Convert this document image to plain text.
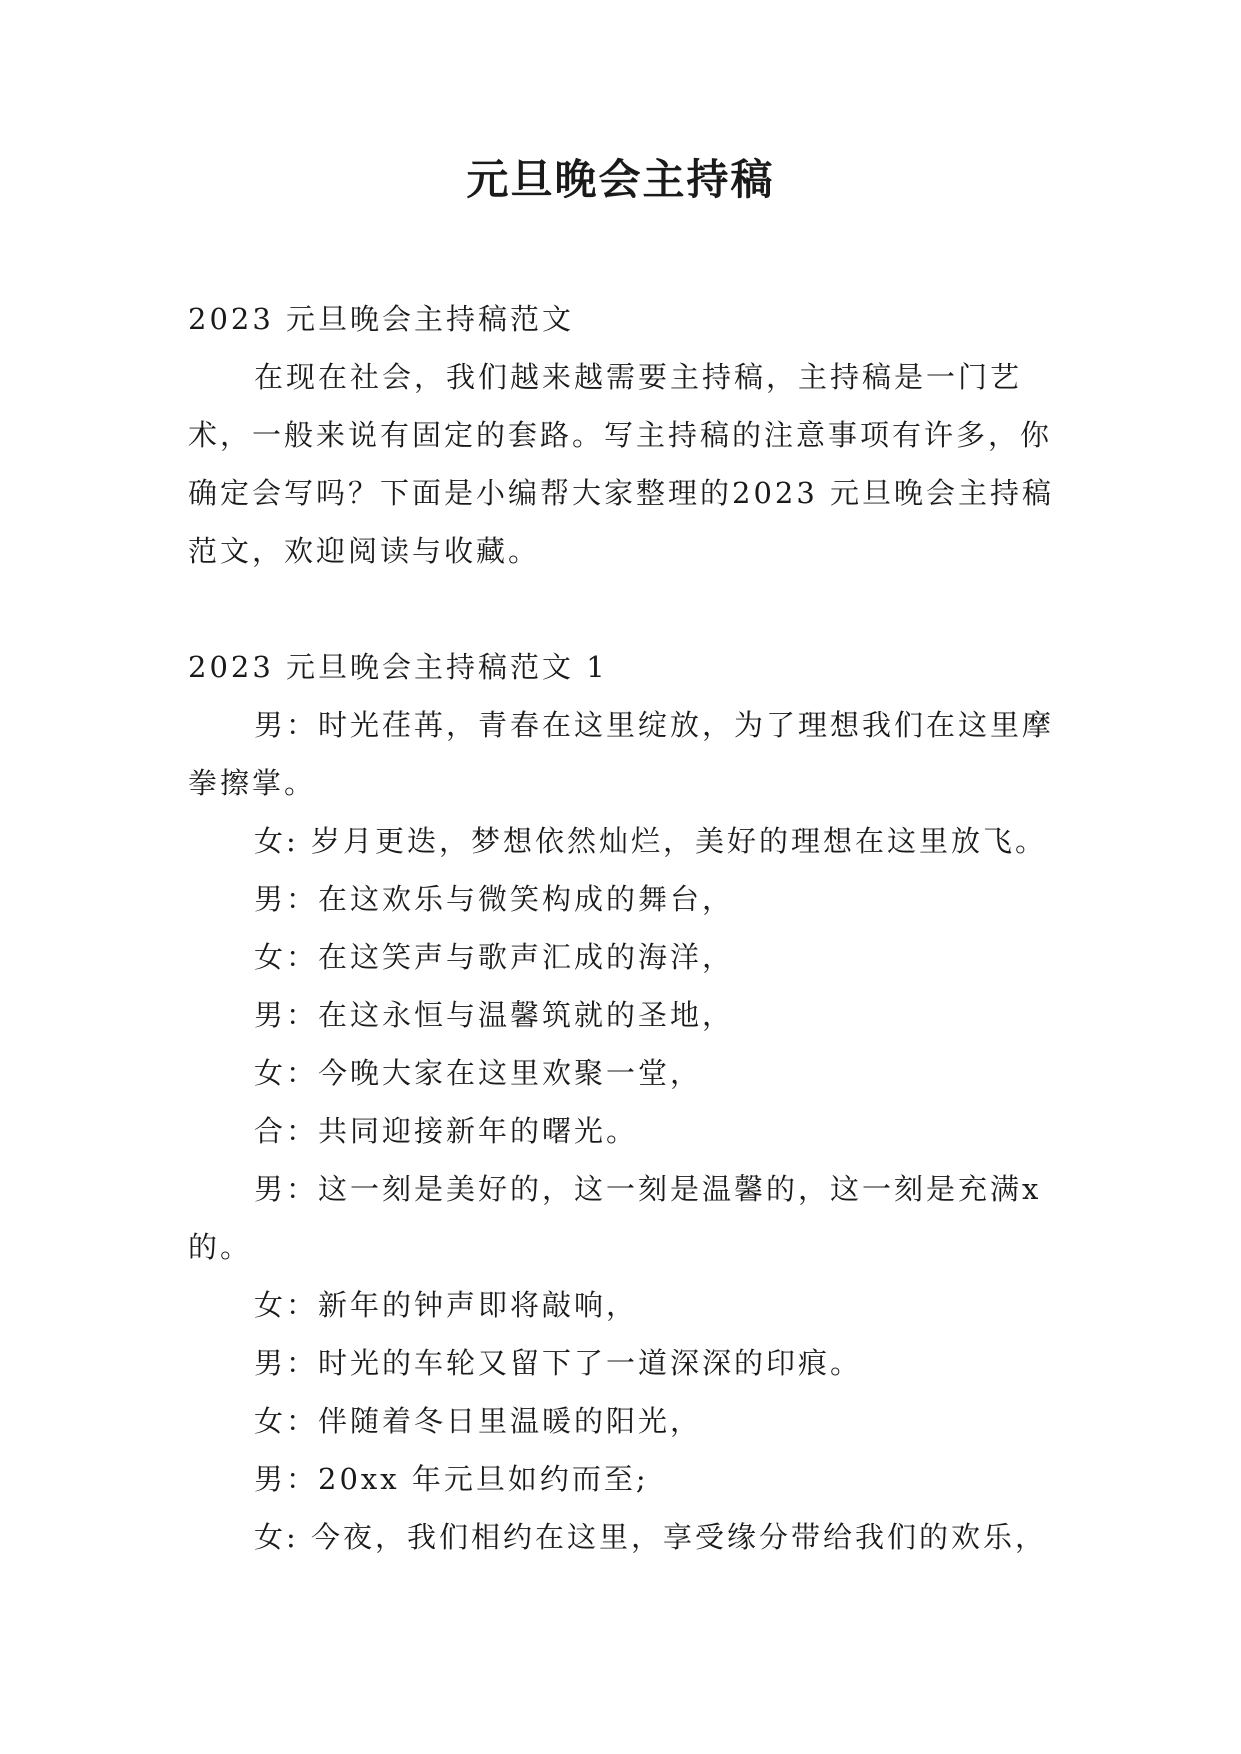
元旦晚会主持稿

2023 元旦晚会主持稿范文

在现在社会，我们越来越需要主持稿，主持稿是一门艺术，一般来说有固定的套路。写主持稿的注意事项有许多，你确定会写吗？下面是小编帮大家整理的2023 元旦晚会主持稿范文，欢迎阅读与收藏。

2023 元旦晚会主持稿范文 1

男：时光荏苒，青春在这里绽放，为了理想我们在这里摩拳擦掌。

女: 岁月更迭，梦想依然灿烂，美好的理想在这里放飞。

男：在这欢乐与微笑构成的舞台，

女：在这笑声与歌声汇成的海洋，

男：在这永恒与温馨筑就的圣地，

女：今晚大家在这里欢聚一堂，

合：共同迎接新年的曙光。

男：这一刻是美好的，这一刻是温馨的，这一刻是充满x 的。

女：新年的钟声即将敲响，

男：时光的车轮又留下了一道深深的印痕。

女：伴随着冬日里温暖的阳光，

男：20xx 年元旦如约而至;

女: 今夜，我们相约在这里，享受缘分带给我们的欢乐，
